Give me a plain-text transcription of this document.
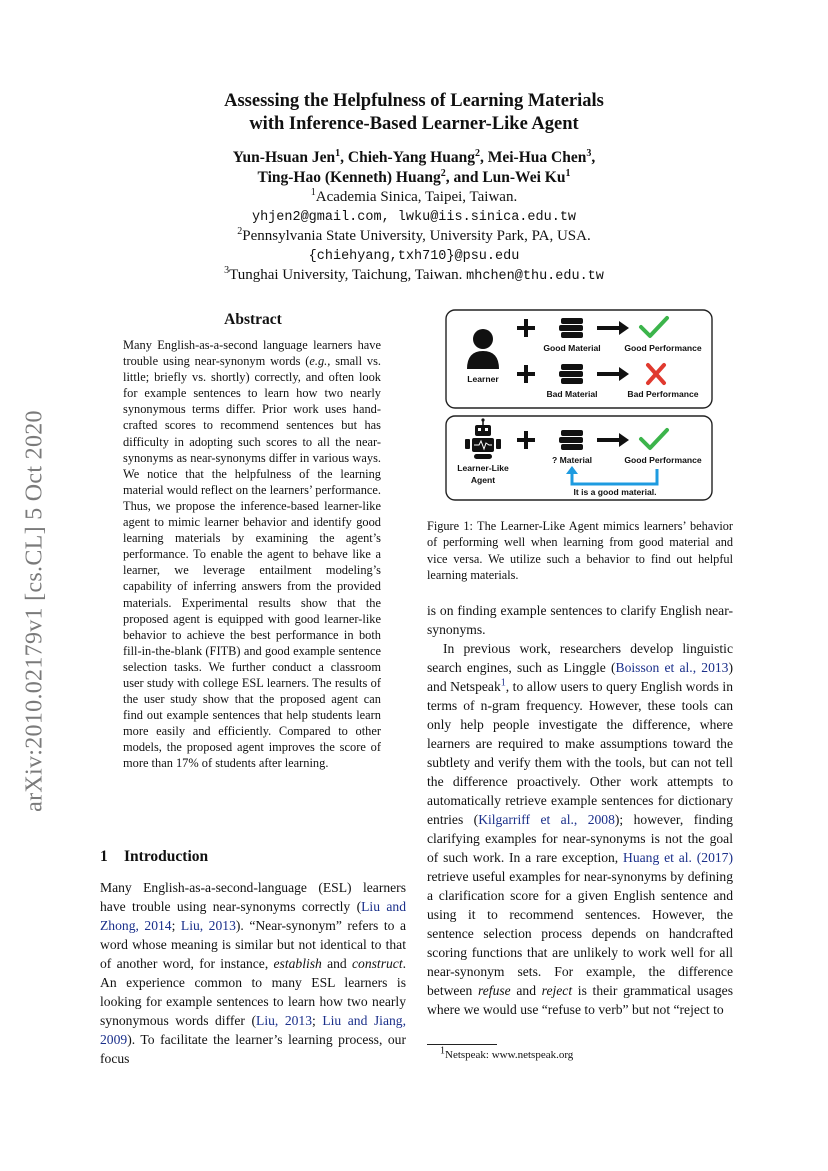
arXiv:2010.02179v1 [cs.CL] 5 Oct 2020
Assessing the Helpfulness of Learning Materials
with Inference-Based Learner-Like Agent
Yun-Hsuan Jen$^1$, Chieh-Yang Huang$^2$, Mei-Hua Chen$^3$,
Ting-Hao (Kenneth) Huang$^2$, and Lun-Wei Ku$^1$
$^1$Academia Sinica, Taipei, Taiwan.
yhjen2@gmail.com, lwku@iis.sinica.edu.tw
$^2$Pennsylvania State University, University Park, PA, USA.
{chiehyang,txh710}@psu.edu
$^3$Tunghai University, Taichung, Taiwan. mhchen@thu.edu.tw
Abstract
Many English-as-a-second language learners have trouble using near-synonym words (e.g., small vs. little; briefly vs. shortly) correctly, and often look for example sentences to learn how two nearly synonymous terms differ. Prior work uses hand-crafted scores to recommend sentences but has difficulty in adopting such scores to all the near-synonyms as near-synonyms differ in various ways. We notice that the helpfulness of the learning material would reflect on the learners’ performance. Thus, we propose the inference-based learner-like agent to mimic learner behavior and identify good learning materials by examining the agent’s performance. To enable the agent to behave like a learner, we leverage entailment modeling’s capability of inferring answers from the provided materials. Experimental results show that the proposed agent is equipped with good learner-like behavior to achieve the best performance in both fill-in-the-blank (FITB) and good example sentence selection tasks. We further conduct a classroom user study with college ESL learners. The results of the user study show that the proposed agent can find out example sentences that help students learn more easily and efficiently. Compared to other models, the proposed agent improves the score of more than 17% of students after learning.
1 Introduction
Many English-as-a-second-language (ESL) learners have trouble using near-synonyms correctly (Liu and Zhong, 2014; Liu, 2013). “Near-synonym” refers to a word whose meaning is similar but not identical to that of another word, for instance, establish and construct. An experience common to many ESL learners is looking for example sentences to learn how two nearly synonymous words differ (Liu, 2013; Liu and Jiang, 2009). To facilitate the learner’s learning process, our focus
Learner
Good Material	Good Performance
Bad Material	Bad Performance
Learner-Like
Agent
? Material	Good Performance
It is a good material.
Figure 1: The Learner-Like Agent mimics learners’ behavior of performing well when learning from good material and vice versa. We utilize such a behavior to find out helpful learning materials.

is on finding example sentences to clarify English near-synonyms.

In previous work, researchers develop linguistic search engines, such as Linggle (Boisson et al., 2013) and Netspeak$^1$, to allow users to query English words in terms of n-gram frequency. However, these tools can only help people investigate the difference, where learners are required to make assumptions toward the subtlety and verify them with the tools, but can not tell the difference proactively. Other work attempts to automatically retrieve example sentences for dictionary entries (Kilgarriff et al., 2008); however, finding clarifying examples for near-synonyms is not the goal of such work. In a rare exception, Huang et al. (2017) retrieve useful examples for near-synonyms by defining a clarification score for a given English sentence and using it to recommend sentences. However, the sentence selection process depends on handcrafted scoring functions that are unlikely to work well for all near-synonym sets. For example, the difference between refuse and reject is their grammatical usages where we would use “refuse to verb” but not “reject to

$^1$Netspeak: www.netspeak.org
